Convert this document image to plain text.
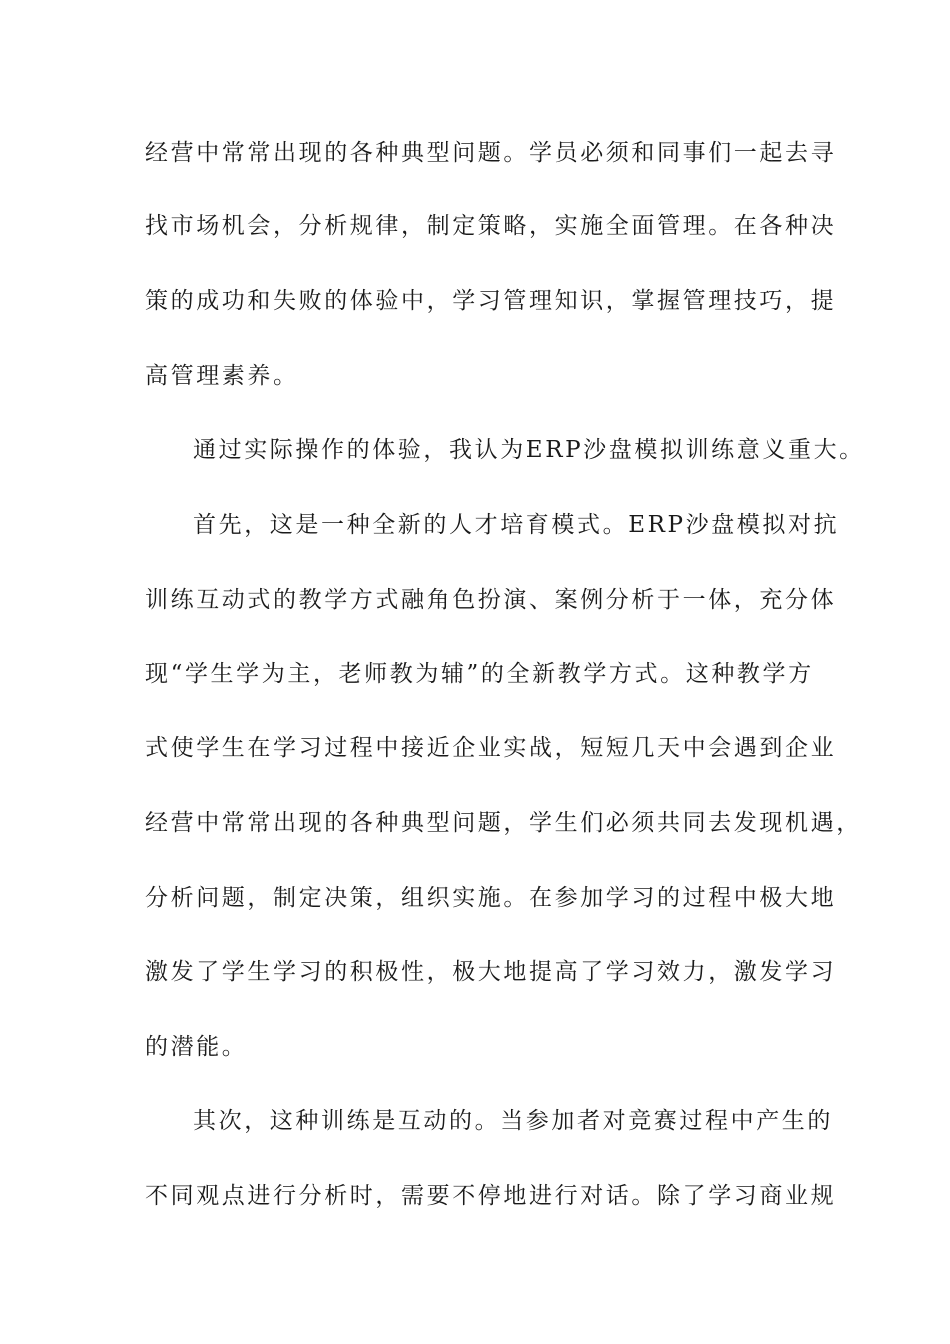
经营中常常出现的各种典型问题。学员必须和同事们一起去寻
找市场机会，分析规律，制定策略，实施全面管理。在各种决
策的成功和失败的体验中，学习管理知识，掌握管理技巧，提
高管理素养。
通过实际操作的体验，我认为ERP沙盘模拟训练意义重大。
首先，这是一种全新的人才培育模式。ERP沙盘模拟对抗
训练互动式的教学方式融角色扮演、案例分析于一体，充分体
现“学生学为主，老师教为辅”的全新教学方式。这种教学方
式使学生在学习过程中接近企业实战，短短几天中会遇到企业
经营中常常出现的各种典型问题，学生们必须共同去发现机遇，
分析问题，制定决策，组织实施。在参加学习的过程中极大地
激发了学生学习的积极性，极大地提高了学习效力，激发学习
的潜能。
其次，这种训练是互动的。当参加者对竞赛过程中产生的
不同观点进行分析时，需要不停地进行对话。除了学习商业规
